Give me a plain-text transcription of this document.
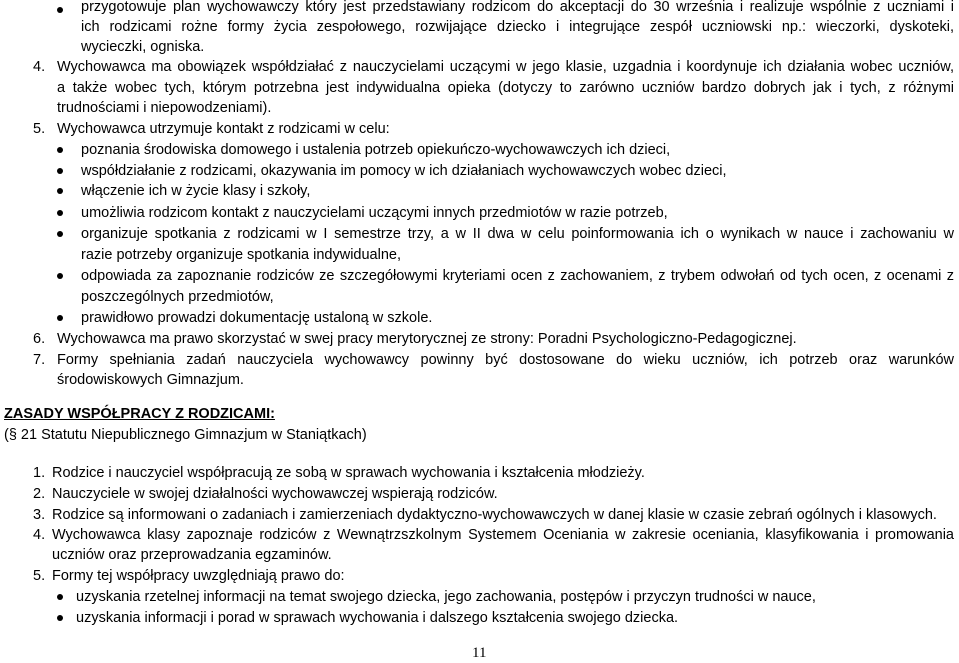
przygotowuje plan wychowawczy który jest przedstawiany rodzicom do akceptacji do 30 września i realizuje wspólnie z uczniami i
ich rodzicami rożne formy życia zespołowego, rozwijające dziecko i integrujące zespół uczniowski np.: wieczorki, dyskoteki,
wycieczki, ogniska.
4. Wychowawca ma obowiązek współdziałać z nauczycielami uczącymi w jego klasie, uzgadnia i koordynuje ich działania wobec uczniów,
a także wobec tych, którym potrzebna jest indywidualna opieka (dotyczy to zarówno uczniów bardzo dobrych jak i tych, z różnymi
trudnościami i niepowodzeniami).
5. Wychowawca utrzymuje kontakt z rodzicami w celu:
poznania środowiska domowego i ustalenia potrzeb opiekuńczo-wychowawczych ich dzieci,
współdziałanie z rodzicami, okazywania im pomocy w ich działaniach wychowawczych wobec dzieci,
włączenie ich w życie klasy i szkoły,
umożliwia rodzicom kontakt z nauczycielami uczącymi innych przedmiotów w razie potrzeb,
organizuje spotkania z rodzicami w I semestrze trzy, a w II dwa w celu poinformowania ich o wynikach w nauce i zachowaniu w
razie potrzeby organizuje spotkania indywidualne,
odpowiada za zapoznanie rodziców ze szczegółowymi kryteriami ocen z zachowaniem, z trybem odwołań od tych ocen, z ocenami z
poszczególnych przedmiotów,
prawidłowo prowadzi dokumentację ustaloną w szkole.
6. Wychowawca ma prawo skorzystać w swej pracy merytorycznej ze strony: Poradni Psychologiczno-Pedagogicznej.
7. Formy spełniania zadań nauczyciela wychowawcy powinny być dostosowane do wieku uczniów, ich potrzeb oraz warunków
środowiskowych Gimnazjum.
ZASADY WSPÓŁPRACY Z RODZICAMI:
(§ 21 Statutu Niepublicznego Gimnazjum w Staniątkach)
1. Rodzice i nauczyciel współpracują ze sobą w sprawach wychowania i kształcenia młodzieży.
2. Nauczyciele w swojej działalności wychowawczej wspierają rodziców.
3. Rodzice są informowani o zadaniach i zamierzeniach dydaktyczno-wychowawczych w danej klasie w czasie zebrań ogólnych i klasowych.
4. Wychowawca klasy zapoznaje rodziców z Wewnątrzszkolnym Systemem Oceniania w zakresie oceniania, klasyfikowania i promowania
uczniów oraz przeprowadzania egzaminów.
5. Formy tej współpracy uwzględniają prawo do:
uzyskania rzetelnej informacji na temat swojego dziecka, jego zachowania, postępów i przyczyn trudności w nauce,
uzyskania informacji i porad w sprawach wychowania i dalszego kształcenia swojego dziecka.
11
